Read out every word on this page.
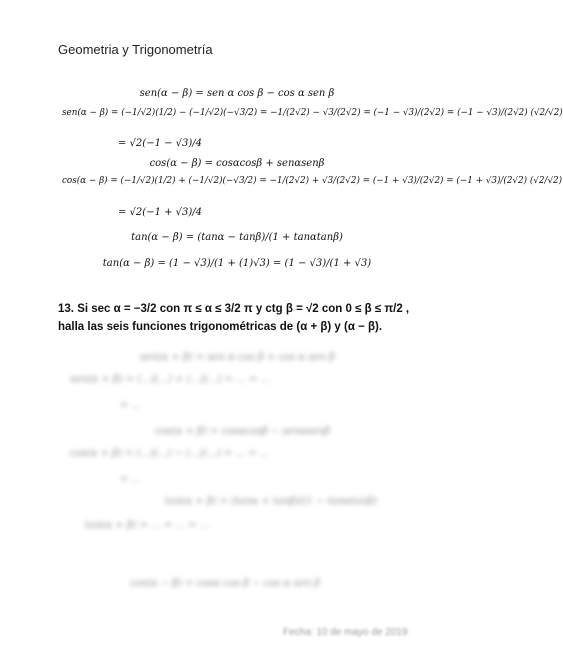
Geometria y Trigonometría
sen(α − β) = sen α cos β − cos α sen β
sen(α − β) = (−1/√2)(1/2) − (−1/√2)(−√3/2) = −1/(2√2) − √3/(2√2) = (−1 − √3)/(2√2) = (−1 − √3)/(2√2) (√2/√2)
= √2(−1 − √3)/4
cos(α − β) = cosαcosβ + senαsenβ
cos(α − β) = (−1/√2)(1/2) + (−1/√2)(−√3/2) = −1/(2√2) + √3/(2√2) = (−1 + √3)/(2√2) = (−1 + √3)/(2√2) (√2/√2)
= √2(−1 + √3)/4
tan(α − β) = (tanα − tanβ)/(1 + tanαtanβ)
tan(α − β) = (1 − √3)/(1 + (1)√3) = (1 − √3)/(1 + √3)
13. Si sec α = −3/2 con π ≤ α ≤ 3/2 π y ctg β = √2 con 0 ≤ β ≤ π/2 , halla las seis funciones trigonométricas de (α + β) y (α − β).
sen(α + β) = sen α cos β + cos α sen β
sen(α + β) = (...)(...) + (...)(...) = ... = ...
= ...
cos(α + β) = cosαcosβ − senαsenβ
cos(α + β) = (...)(...) − (...)(...) = ... = ...
= ...
tan(α + β) = (tanα + tanβ)/(1 − tanαtanβ)
tan(α + β) = ... = ... = ...
cos(α − β) = cosα cos β − cos α sen β
Fecha: 10 de mayo de 2019
